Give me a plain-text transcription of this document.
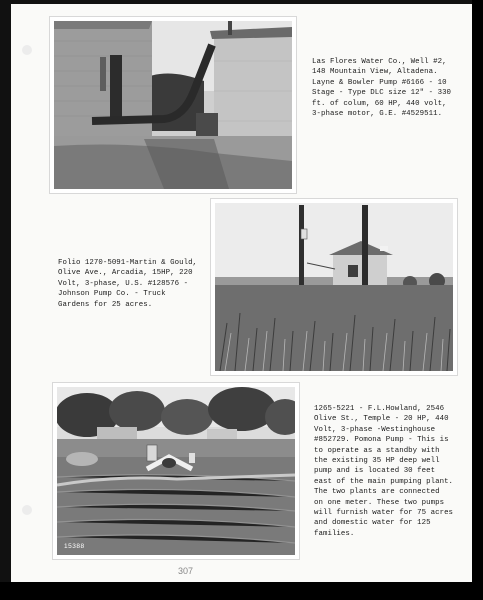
Las Flores Water Co., Well #2,
148 Mountain View, Altadena.
Layne & Bowler Pump #6166 - 10
Stage - Type DLC size 12" - 330
ft. of colum, 60 HP, 440 volt,
3-phase motor, G.E. #4529511.
Folio 1270-5091-Martin & Gould,
Olive Ave., Arcadia, 15HP, 220
Volt, 3-phase, U.S. #128576 -
Johnson Pump Co. - Truck
Gardens for 25 acres.
15388
1265-5221 - F.L.Howland, 2546
Olive St., Temple - 20 HP, 440
Volt, 3-phase -Westinghouse
#852729. Pomona Pump - This is
to operate as a standby with
the existing 35 HP deep well
pump and is located 30 feet
east of the main pumping plant.
The two plants are connected
on one meter. These two pumps
will furnish water for 75 acres
and domestic water for 125
families.
307
